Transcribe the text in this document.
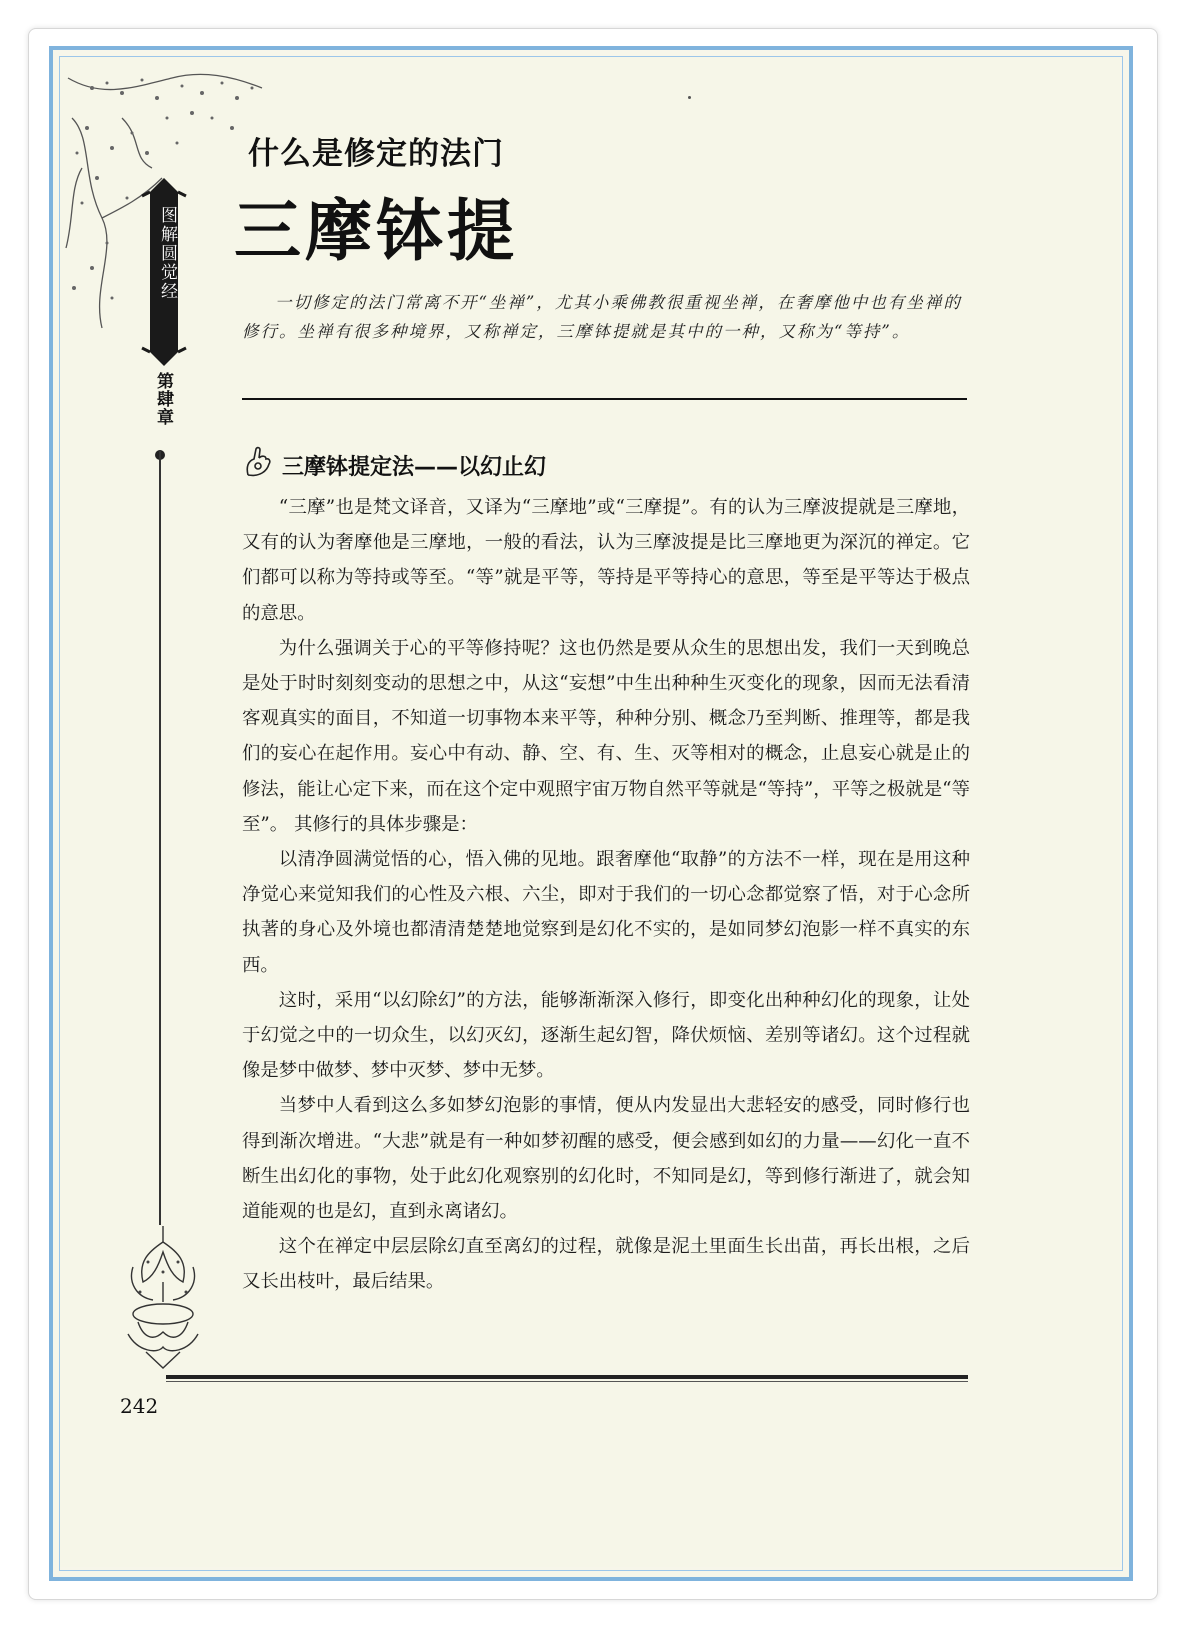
什么是修定的法门
三摩钵提
图解圆觉经
第肆章
一切修定的法门常离不开“坐禅”，尤其小乘佛教很重视坐禅，在奢摩他中也有坐禅的修行。坐禅有很多种境界，又称禅定，三摩钵提就是其中的一种，又称为“等持”。
三摩钵提定法——以幻止幻

“三摩”也是梵文译音，又译为“三摩地”或“三摩提”。有的认为三摩波提就是三摩地，又有的认为奢摩他是三摩地，一般的看法，认为三摩波提是比三摩地更为深沉的禅定。它们都可以称为等持或等至。“等”就是平等，等持是平等持心的意思，等至是平等达于极点的意思。

为什么强调关于心的平等修持呢？这也仍然是要从众生的思想出发，我们一天到晚总是处于时时刻刻变动的思想之中，从这“妄想”中生出种种生灭变化的现象，因而无法看清客观真实的面目，不知道一切事物本来平等，种种分别、概念乃至判断、推理等，都是我们的妄心在起作用。妄心中有动、静、空、有、生、灭等相对的概念，止息妄心就是止的修法，能让心定下来，而在这个定中观照宇宙万物自然平等就是“等持”，平等之极就是“等至”。 其修行的具体步骤是：

以清净圆满觉悟的心，悟入佛的见地。跟奢摩他“取静”的方法不一样，现在是用这种净觉心来觉知我们的心性及六根、六尘，即对于我们的一切心念都觉察了悟，对于心念所执著的身心及外境也都清清楚楚地觉察到是幻化不实的，是如同梦幻泡影一样不真实的东西。

这时，采用“以幻除幻”的方法，能够渐渐深入修行，即变化出种种幻化的现象，让处于幻觉之中的一切众生，以幻灭幻，逐渐生起幻智，降伏烦恼、差别等诸幻。这个过程就像是梦中做梦、梦中灭梦、梦中无梦。

当梦中人看到这么多如梦幻泡影的事情，便从内发显出大悲轻安的感受，同时修行也得到渐次增进。“大悲”就是有一种如梦初醒的感受，便会感到如幻的力量——幻化一直不断生出幻化的事物，处于此幻化观察别的幻化时，不知同是幻，等到修行渐进了，就会知道能观的也是幻，直到永离诸幻。

这个在禅定中层层除幻直至离幻的过程，就像是泥土里面生长出苗，再长出根，之后又长出枝叶，最后结果。

242
